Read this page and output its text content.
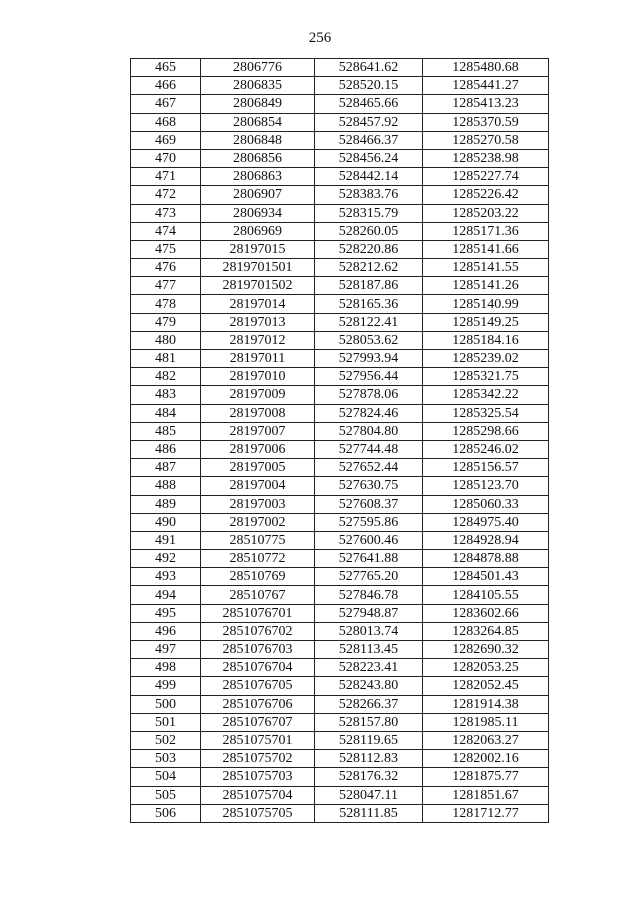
256
465	2806776	528641.62	1285480.68
466	2806835	528520.15	1285441.27
467	2806849	528465.66	1285413.23
468	2806854	528457.92	1285370.59
469	2806848	528466.37	1285270.58
470	2806856	528456.24	1285238.98
471	2806863	528442.14	1285227.74
472	2806907	528383.76	1285226.42
473	2806934	528315.79	1285203.22
474	2806969	528260.05	1285171.36
475	28197015	528220.86	1285141.66
476	2819701501	528212.62	1285141.55
477	2819701502	528187.86	1285141.26
478	28197014	528165.36	1285140.99
479	28197013	528122.41	1285149.25
480	28197012	528053.62	1285184.16
481	28197011	527993.94	1285239.02
482	28197010	527956.44	1285321.75
483	28197009	527878.06	1285342.22
484	28197008	527824.46	1285325.54
485	28197007	527804.80	1285298.66
486	28197006	527744.48	1285246.02
487	28197005	527652.44	1285156.57
488	28197004	527630.75	1285123.70
489	28197003	527608.37	1285060.33
490	28197002	527595.86	1284975.40
491	28510775	527600.46	1284928.94
492	28510772	527641.88	1284878.88
493	28510769	527765.20	1284501.43
494	28510767	527846.78	1284105.55
495	2851076701	527948.87	1283602.66
496	2851076702	528013.74	1283264.85
497	2851076703	528113.45	1282690.32
498	2851076704	528223.41	1282053.25
499	2851076705	528243.80	1282052.45
500	2851076706	528266.37	1281914.38
501	2851076707	528157.80	1281985.11
502	2851075701	528119.65	1282063.27
503	2851075702	528112.83	1282002.16
504	2851075703	528176.32	1281875.77
505	2851075704	528047.11	1281851.67
506	2851075705	528111.85	1281712.77
